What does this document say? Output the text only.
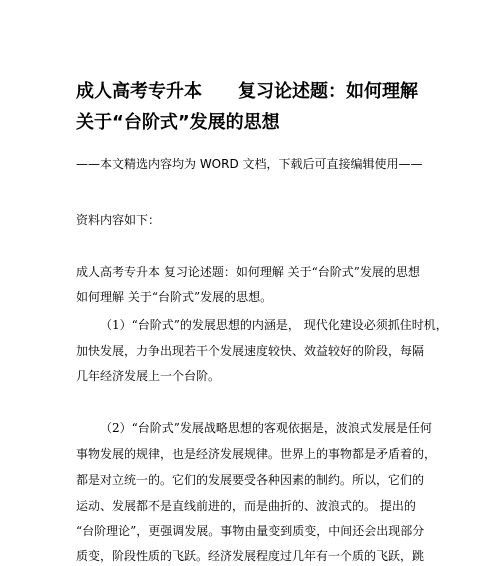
成人高考专升本　　复习论述题：如何理解
关于“台阶式”发展的思想
——本文精选内容均为 WORD 文档，下载后可直接编辑使用——
资料内容如下：
成人高考专升本 复习论述题：如何理解 关于“台阶式”发展的思想
如何理解 关于“台阶式”发展的思想。
（1）“台阶式”的发展思想的内涵是， 现代化建设必须抓住时机，
加快发展，力争出现若干个发展速度较快、效益较好的阶段，每隔
几年经济发展上一个台阶。
（2）“台阶式”发展战略思想的客观依据是，波浪式发展是任何
事物发展的规律，也是经济发展规律。世界上的事物都是矛盾着的，
都是对立统一的。它们的发展要受各种因素的制约。所以，它们的
运动、发展都不是直线前进的，而是曲折的、波浪式的。 提出的
“台阶理论”，更强调发展。事物由量变到质变，中间还会出现部分
质变，阶段性质的飞跃。经济发展程度过几年有一个质的飞跃，跳
